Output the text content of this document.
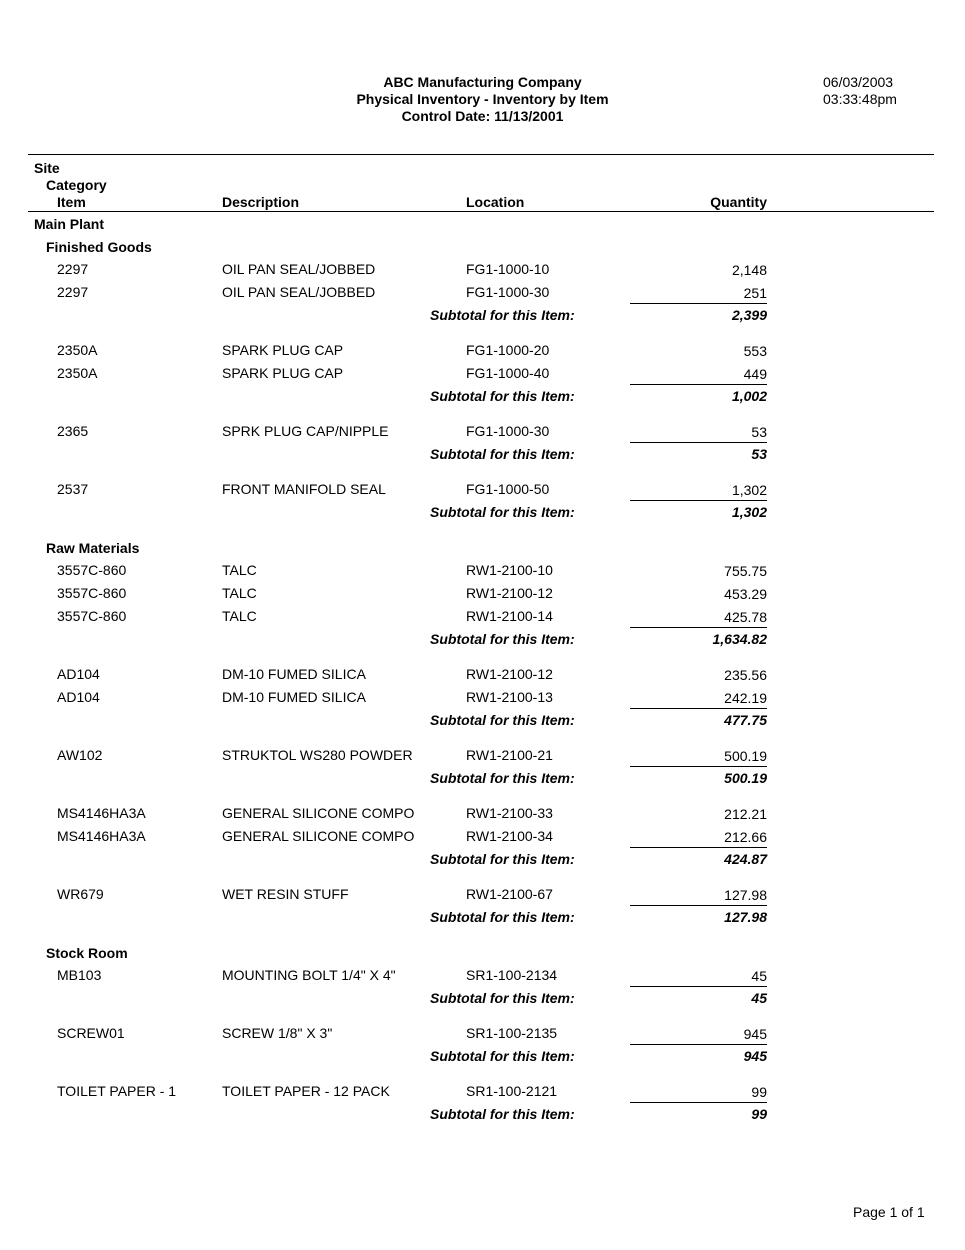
ABC Manufacturing Company
Physical Inventory - Inventory by Item
Control Date: 11/13/2001
06/03/2003
03:33:48pm
Site
Category
Item	Description	Location	Quantity
Main Plant
Finished Goods
2297	OIL PAN SEAL/JOBBED	FG1-1000-10	2,148
2297	OIL PAN SEAL/JOBBED	FG1-1000-30	251
Subtotal for this Item:	2,399
2350A	SPARK PLUG CAP	FG1-1000-20	553
2350A	SPARK PLUG CAP	FG1-1000-40	449
Subtotal for this Item:	1,002
2365	SPRK PLUG CAP/NIPPLE	FG1-1000-30	53
Subtotal for this Item:	53
2537	FRONT MANIFOLD SEAL	FG1-1000-50	1,302
Subtotal for this Item:	1,302
Raw Materials
3557C-860	TALC	RW1-2100-10	755.75
3557C-860	TALC	RW1-2100-12	453.29
3557C-860	TALC	RW1-2100-14	425.78
Subtotal for this Item:	1,634.82
AD104	DM-10 FUMED SILICA	RW1-2100-12	235.56
AD104	DM-10 FUMED SILICA	RW1-2100-13	242.19
Subtotal for this Item:	477.75
AW102	STRUKTOL WS280 POWDER	RW1-2100-21	500.19
Subtotal for this Item:	500.19
MS4146HA3A	GENERAL SILICONE COMPO	RW1-2100-33	212.21
MS4146HA3A	GENERAL SILICONE COMPO	RW1-2100-34	212.66
Subtotal for this Item:	424.87
WR679	WET RESIN STUFF	RW1-2100-67	127.98
Subtotal for this Item:	127.98
Stock Room
MB103	MOUNTING BOLT 1/4" X 4"	SR1-100-2134	45
Subtotal for this Item:	45
SCREW01	SCREW 1/8" X 3"	SR1-100-2135	945
Subtotal for this Item:	945
TOILET PAPER - 1	TOILET PAPER - 12 PACK	SR1-100-2121	99
Subtotal for this Item:	99
Page 1 of 1
